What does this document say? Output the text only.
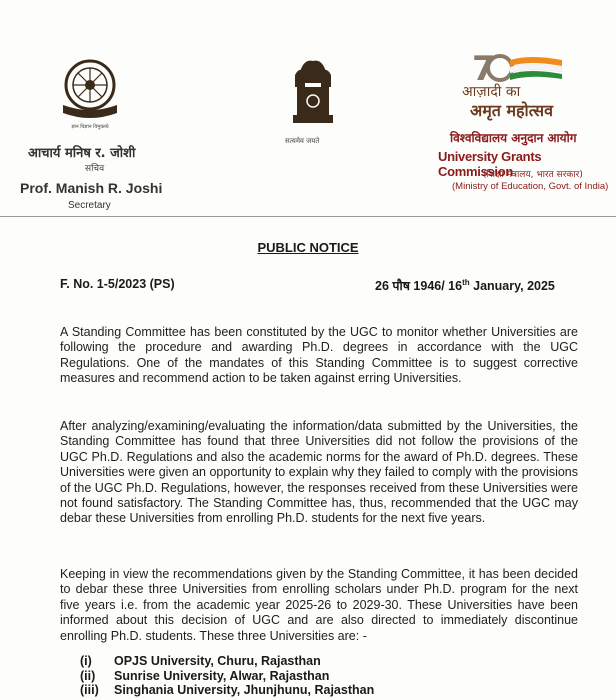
ज्ञान विज्ञान विमुक्तये
सत्यमेव जयते
7
आज़ादी का
अमृत महोत्सव
आचार्य मनिष र. जोशी
सचिव
Prof. Manish R. Joshi
Secretary
विश्वविद्यालय अनुदान आयोग
University Grants Commission
(शिक्षा मंत्रालय, भारत सरकार)
(Ministry of Education, Govt. of India)
PUBLIC NOTICE
F. No. 1-5/2023 (PS)	26 पौष 1946/ 16th January, 2025
A Standing Committee has been constituted by the UGC to monitor whether Universities are following the procedure and awarding Ph.D. degrees in accordance with the UGC Regulations. One of the mandates of this Standing Committee is to suggest corrective measures and recommend action to be taken against erring Universities.
After analyzing/examining/evaluating the information/data submitted by the Universities, the Standing Committee has found that three Universities did not follow the provisions of the UGC Ph.D. Regulations and also the academic norms for the award of Ph.D. degrees. These Universities were given an opportunity to explain why they failed to comply with the provisions of the UGC Ph.D. Regulations, however, the responses received from these Universities were not found satisfactory. The Standing Committee has, thus, recommended that the UGC may debar these Universities from enrolling Ph.D. students for the next five years.
Keeping in view the recommendations given by the Standing Committee, it has been decided to debar these three Universities from enrolling scholars under Ph.D. program for the next five years i.e. from the academic year 2025-26 to 2029-30. These Universities have been informed about this decision of UGC and are also directed to immediately discontinue enrolling Ph.D. students. These three Universities are: -
(i)	OPJS University, Churu, Rajasthan
(ii)	Sunrise University, Alwar, Rajasthan
(iii)	Singhania University, Jhunjhunu, Rajasthan
